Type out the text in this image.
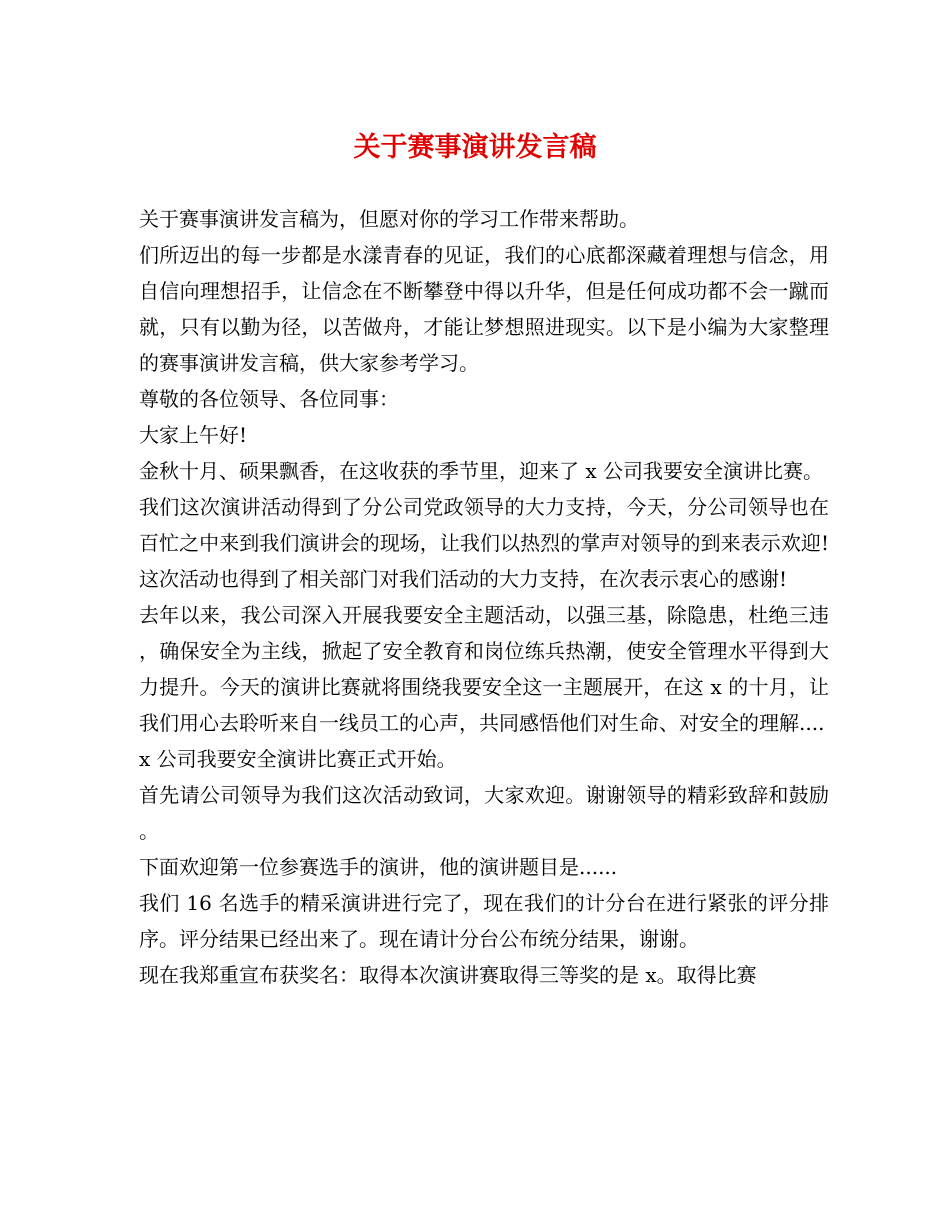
关于赛事演讲发言稿

关于赛事演讲发言稿为，但愿对你的学习工作带来帮助。

们所迈出的每一步都是水漾青春的见证，我们的心底都深藏着理想与信念，用自信向理想招手，让信念在不断攀登中得以升华，但是任何成功都不会一蹴而就，只有以勤为径，以苦做舟，才能让梦想照进现实。以下是小编为大家整理的赛事演讲发言稿，供大家参考学习。

尊敬的各位领导、各位同事：

大家上午好!

金秋十月、硕果飘香，在这收获的季节里，迎来了 x 公司我要安全演讲比赛。

我们这次演讲活动得到了分公司党政领导的大力支持，今天，分公司领导也在百忙之中来到我们演讲会的现场，让我们以热烈的掌声对领导的到来表示欢迎!这次活动也得到了相关部门对我们活动的大力支持，在次表示衷心的感谢!

去年以来，我公司深入开展我要安全主题活动，以强三基，除隐患，杜绝三违，确保安全为主线，掀起了安全教育和岗位练兵热潮，使安全管理水平得到大力提升。今天的演讲比赛就将围绕我要安全这一主题展开，在这 x 的十月，让我们用心去聆听来自一线员工的心声，共同感悟他们对生命、对安全的理解....

x 公司我要安全演讲比赛正式开始。

首先请公司领导为我们这次活动致词，大家欢迎。谢谢领导的精彩致辞和鼓励。

下面欢迎第一位参赛选手的演讲，他的演讲题目是......

我们 16 名选手的精采演讲进行完了，现在我们的计分台在进行紧张的评分排序。评分结果已经出来了。现在请计分台公布统分结果，谢谢。

现在我郑重宣布获奖名：取得本次演讲赛取得三等奖的是 x。取得比赛
